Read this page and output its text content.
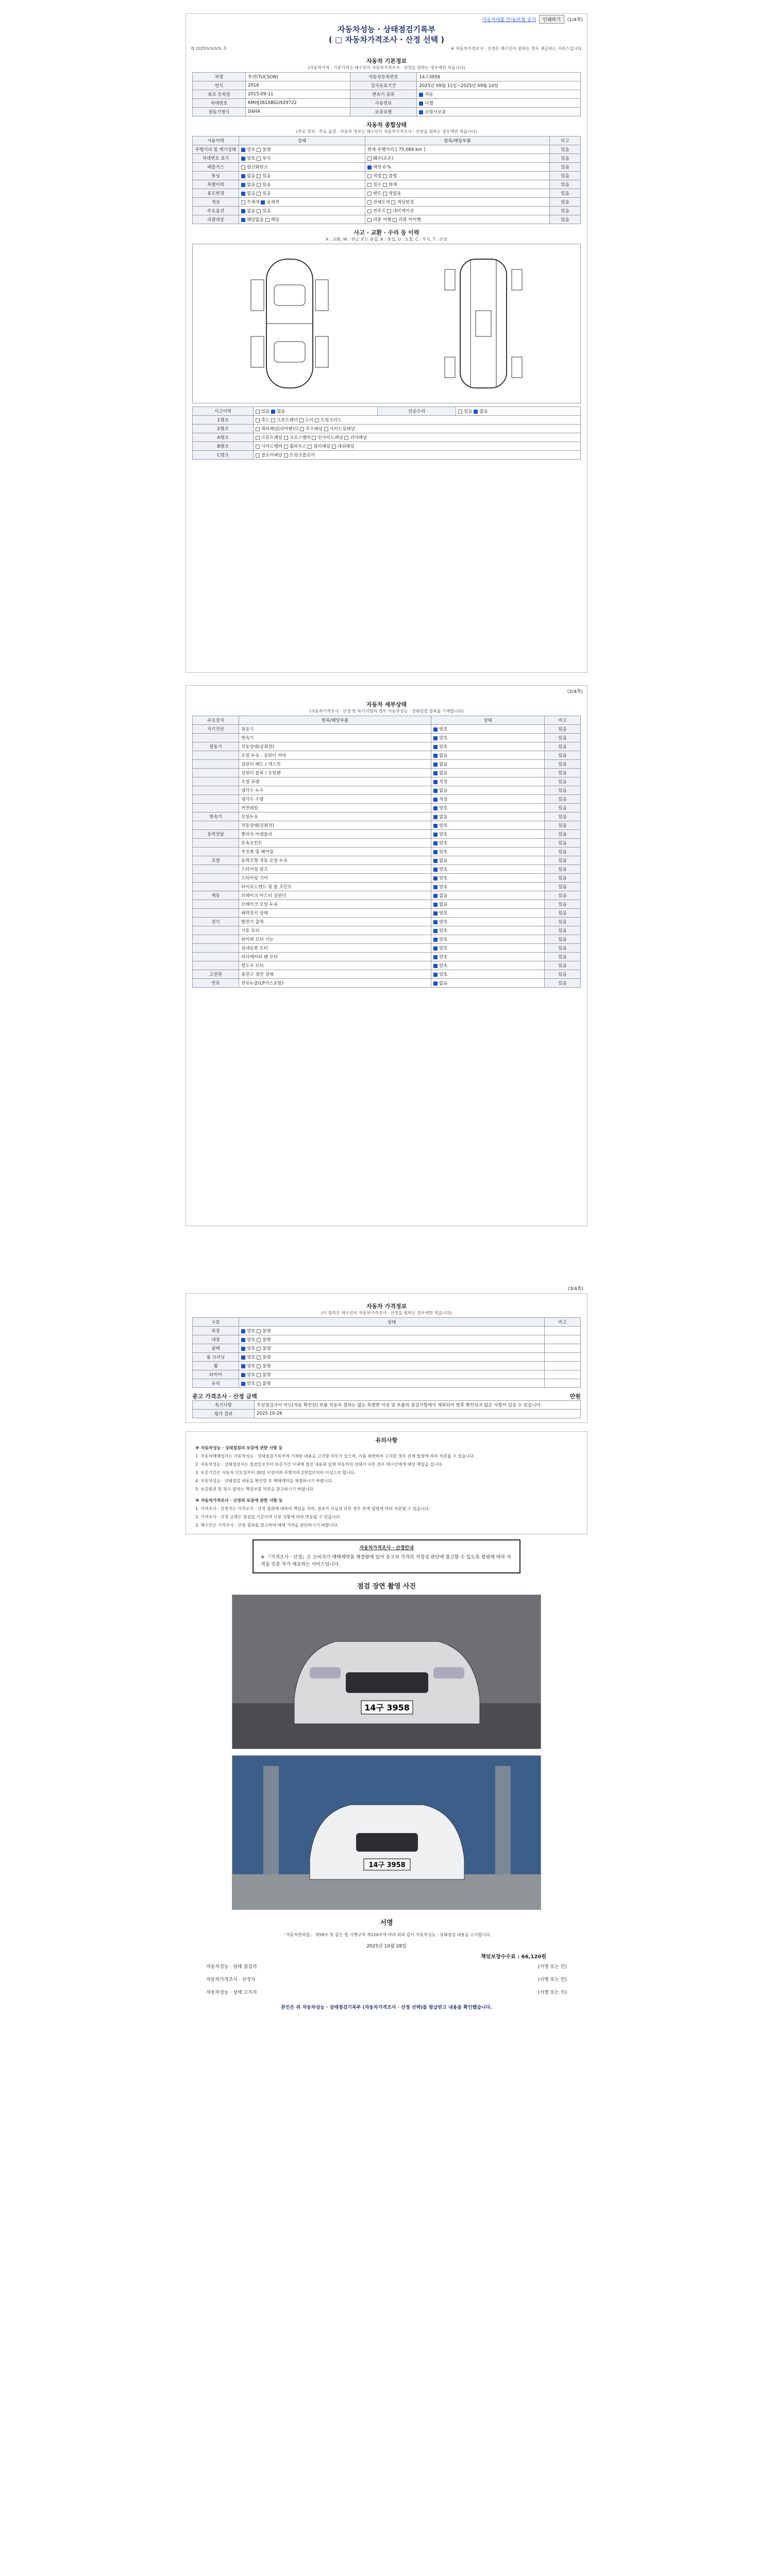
자동차대출 안내/보험 공지	인쇄하기	(1/4쪽)
자동차성능 · 상태점검기록부
( □ 자동차가격조사 · 산정 선택 )
제 2025%%%% 호	※ 자동차가격조사 · 산정은 매수인이 원하는 경우 제공하는 서비스입니다.
자동차 기본정보
(자동차가격 · 기본가격은 매수인이 자동차가격조사 · 산정을 원하는 경우에만 적습니다)
차명	투싼(TUCSON)	자동차등록번호	14구3958
연식	2016	검사유효기간	2025년 09월 11일~2025년 09월 10일
최초 등록일	2015-09-11	변속기 종류	자동
차대번호	KMHJ381ABGU929722	사용연료	디젤
원동기형식	D4HA	보증유형	보험사보증
자동차 종합상태
(주요 장치 · 주요 옵션 · 자동차 정보는 매수인이 자동차가격조사 · 산정을 원하는 경우에만 적습니다)
사용이력	상태	항목/해당부품	비고
주행거리 및 계기상태	양호 불량	현재 주행거리 [ 75,069 km ]	있음
차대번호 표기	양호 부식	훼손(오손)	있음
배출가스	일산화탄소	매연 0 %	있음
튜닝	없음 있음	적법 불법	있음
특별이력	없음 있음	침수 화재	있음
용도변경	없음 있음	렌트 영업용	있음
색상	무채색 유채색	전체도색 색상변경	있음
주요옵션	없음 있음	썬루프 네비게이션	있음
리콜대상	해당없음 해당	리콜 이행 리콜 미이행	있음
사고 · 교환 · 수리 등 이력
X : 교환, W : 판금 또는 용접, A : 흠집, U : 요철, C : 부식, T : 손상
사고이력	있음 없음	단순수리	있음 없음
1랭크	후드 프론트펜더 도어 트렁크리드		
2랭크	쿼터패널(리어펜더) 루프패널 사이드실패널		
A랭크	프론트패널 크로스멤버 인사이드패널 리어패널		
B랭크	사이드멤버 휠하우스 필러패널 대쉬패널		
C랭크	플로어패널 트렁크플로어		
(2/4쪽)
자동차 세부상태
(자동차가격조사 · 산정 및 특기사항의 경우 자동차성능 · 상태점검 결과를 기재합니다)
주요장치	항목/해당부품	상태	비고
자기진단	원동기	양호	있음
	변속기	양호	있음
원동기	작동상태(공회전)	양호	있음
	오일 누유 · 실린더 커버	없음	있음
	실린더 헤드 / 개스킷	없음	있음
	실린더 블록 / 오일팬	없음	있음
	오일 유량	적정	있음
	냉각수 누수	없음	있음
	냉각수 수량	적정	있음
	커먼레일	양호	있음
변속기	오일누유	없음	있음
	작동상태(공회전)	양호	있음
동력전달	클러치 어셈블리	양호	있음
	등속조인트	양호	있음
	추진축 및 베어링	양호	있음
조향	동력조향 작동 오일 누유	없음	있음
	스티어링 펌프	양호	있음
	스티어링 기어	양호	있음
	타이로드엔드 및 볼 조인트	양호	있음
제동	브레이크 마스터 실린더	없음	있음
	브레이크 오일 누유	없음	있음
	배력장치 상태	양호	있음
전기	발전기 출력	양호	있음
	시동 모터	양호	있음
	와이퍼 모터 기능	양호	있음
	실내송풍 모터	양호	있음
	라디에이터 팬 모터	양호	있음
	윈도우 모터	양호	있음
고전원	충전구 절연 상태	양호	있음
연료	연료누출(LP가스포함)	없음	있음
(3/4쪽)
자동차 가격정보
(이 항목은 매수인이 자동차가격조사 · 산정을 원하는 경우에만 적습니다)
구분	상태	비고
외장	양호 불량	
내장	양호 불량	
광택	양호 불량	
룸 크리닝	양호 불량	
휠	양호 불량	
타이어	양호 불량	
유리	양호 불량	
중고 가격조사 · 산정 금액	만원
특기사항	무상점검사이 아닌(자동 확인된) 부품 자동차 결과는 없는 특별한 이상 및 부품의 점검사항에서 제외되어 향후 확인되지 않은 사항이 있을 수 있습니다.
평가 결과	2025-10-28
유의사항
※ 자동차성능 · 상태점검의 보증에 관한 사항 등
1. 자동차매매업자는 자동차성능 · 상태점검기록부에 기재된 내용을 고지할 의무가 있으며, 이를 위반하여 고지한 경우 관계 법령에 따라 처분될 수 있습니다.
2. 자동차성능 · 상태점검자는 점검일로부터 보증기간 이내에 점검 내용과 실제 자동차의 상태가 다른 경우 매수인에게 배상 책임을 집니다.
3. 보증기간은 자동차 인도일부터 30일 이상이며 주행거리 2천킬로미터 이상으로 합니다.
4. 자동차성능 · 상태점검 내용을 확인한 후 매매계약을 체결하시기 바랍니다.
5. 보증범위 및 청구 절차는 책임보험 약관을 참고하시기 바랍니다.
※ 자동차가격조사 · 산정의 보증에 관한 사항 등
1. 가격조사 · 산정자는 가격조사 · 산정 결과에 대하여 책임을 지며, 결과가 사실과 다른 경우 관계 법령에 따라 처분될 수 있습니다.
2. 가격조사 · 산정 금액은 점검일 기준이며 시장 상황에 따라 변동될 수 있습니다.
3. 매수인은 가격조사 · 산정 결과를 참고하여 매매 가격을 판단하시기 바랍니다.
자동차가격조사 · 산정안내
※ 『가격조사 · 산정』은 소비자가 매매계약을 체결함에 있어 중고차 가격의 적정성 판단에 참고할 수 있도록 법령에 따라 자격을 갖춘 자가 제공하는 서비스입니다.
점검 장면 촬영 사진
14구 3958
14구 3958
서명
「자동차관리법」 제58조 및 같은 법 시행규칙 제120조에 따라 위와 같이 자동차성능 · 상태점검 내용을 고지합니다.
2025년 10월 28일
책임보장수수료 : 66,120원
자동차성능 · 상태 점검자	(서명 또는 인)
자동차가격조사 · 산정자	(서명 또는 인)
자동차성능 · 상태 고지자	(서명 또는 인)
본인은 위 자동차성능 · 상태점검기록부 (자동차가격조사 · 산정 선택)를 발급받고 내용을 확인했습니다.
